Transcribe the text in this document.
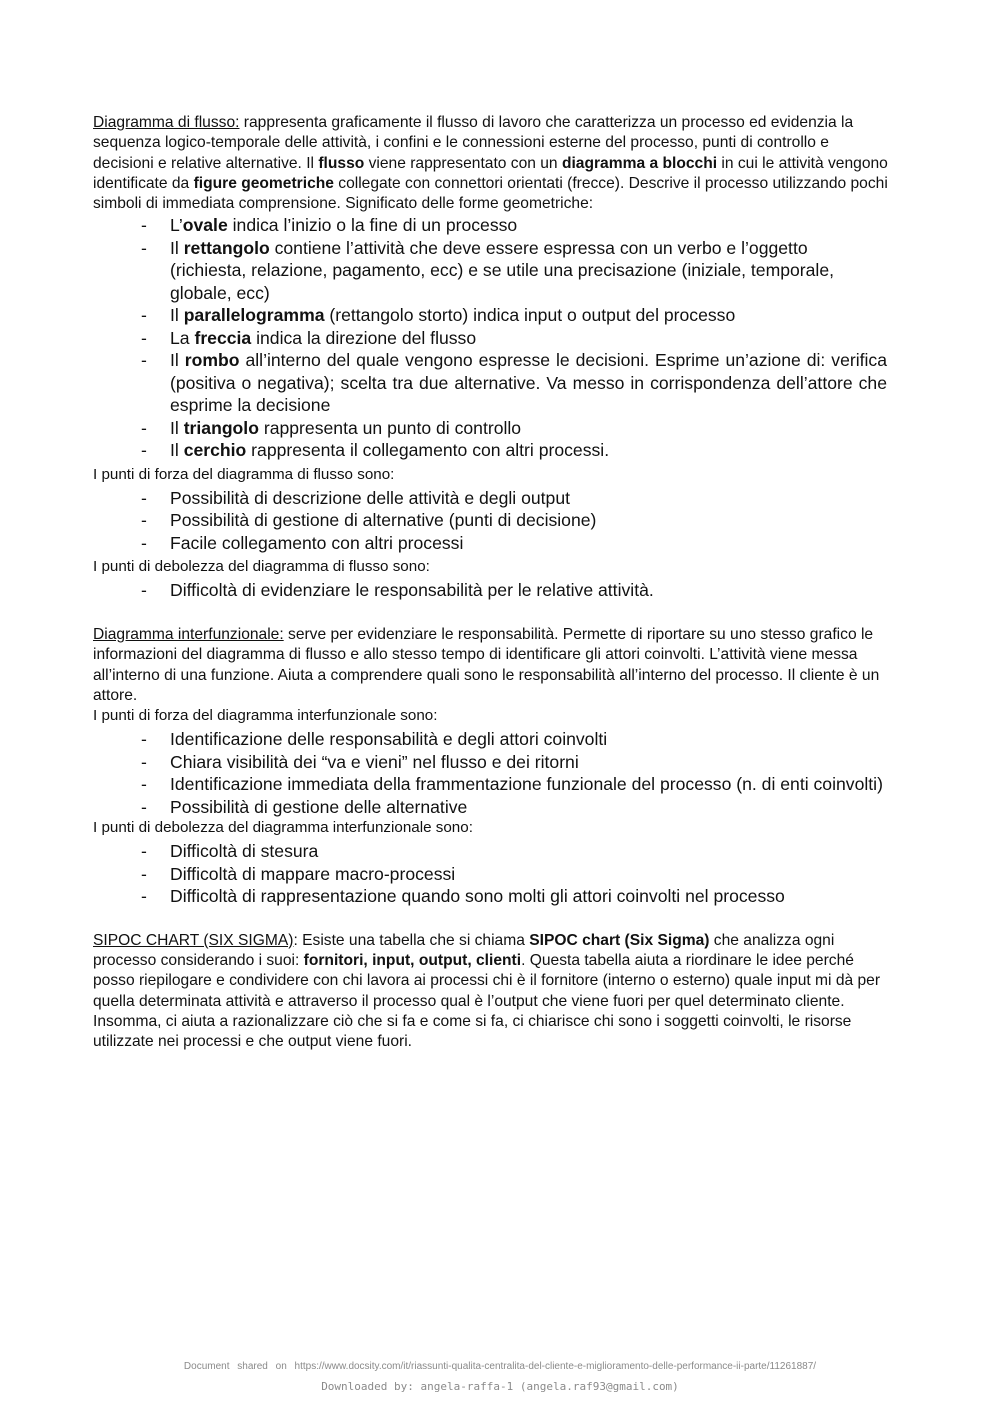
Diagramma di flusso: rappresenta graficamente il flusso di lavoro che caratterizza un processo ed evidenzia la sequenza logico-temporale delle attività, i confini e le connessioni esterne del processo, punti di controllo e decisioni e relative alternative. Il flusso viene rappresentato con un diagramma a blocchi in cui le attività vengono identificate da figure geometriche collegate con connettori orientati (frecce). Descrive il processo utilizzando pochi simboli di immediata comprensione. Significato delle forme geometriche:

- L’ovale indica l’inizio o la fine di un processo
- Il rettangolo contiene l’attività che deve essere espressa con un verbo e l’oggetto (richiesta, relazione, pagamento, ecc) e se utile una precisazione (iniziale, temporale, globale, ecc)
- Il parallelogramma (rettangolo storto) indica input o output del processo
- La freccia indica la direzione del flusso
- Il rombo all’interno del quale vengono espresse le decisioni. Esprime un’azione di: verifica (positiva o negativa); scelta tra due alternative. Va messo in corrispondenza dell’attore che esprime la decisione
- Il triangolo rappresenta un punto di controllo
- Il cerchio rappresenta il collegamento con altri processi.

I punti di forza del diagramma di flusso sono:

- Possibilità di descrizione delle attività e degli output
- Possibilità di gestione di alternative (punti di decisione)
- Facile collegamento con altri processi

I punti di debolezza del diagramma di flusso sono:

- Difficoltà di evidenziare le responsabilità per le relative attività.

Diagramma interfunzionale: serve per evidenziare le responsabilità. Permette di riportare su uno stesso grafico le informazioni del diagramma di flusso e allo stesso tempo di identificare gli attori coinvolti. L’attività viene messa all’interno di una funzione. Aiuta a comprendere quali sono le responsabilità all’interno del processo. Il cliente è un attore.

I punti di forza del diagramma interfunzionale sono:

- Identificazione delle responsabilità e degli attori coinvolti
- Chiara visibilità dei “va e vieni” nel flusso e dei ritorni
- Identificazione immediata della frammentazione funzionale del processo (n. di enti coinvolti)
- Possibilità di gestione delle alternative

I punti di debolezza del diagramma interfunzionale sono:

- Difficoltà di stesura
- Difficoltà di mappare macro-processi
- Difficoltà di rappresentazione quando sono molti gli attori coinvolti nel processo

SIPOC CHART (SIX SIGMA): Esiste una tabella che si chiama SIPOC chart (Six Sigma) che analizza ogni processo considerando i suoi: fornitori, input, output, clienti. Questa tabella aiuta a riordinare le idee perché posso riepilogare e condividere con chi lavora ai processi chi è il fornitore (interno o esterno) quale input mi dà per quella determinata attività e attraverso il processo qual è l’output che viene fuori per quel determinato cliente. Insomma, ci aiuta a razionalizzare ciò che si fa e come si fa, ci chiarisce chi sono i soggetti coinvolti, le risorse utilizzate nei processi e che output viene fuori.

Document shared on https://www.docsity.com/it/riassunti-qualita-centralita-del-cliente-e-miglioramento-delle-performance-ii-parte/11261887/
Downloaded by: angela-raffa-1 (angela.raf93@gmail.com)
